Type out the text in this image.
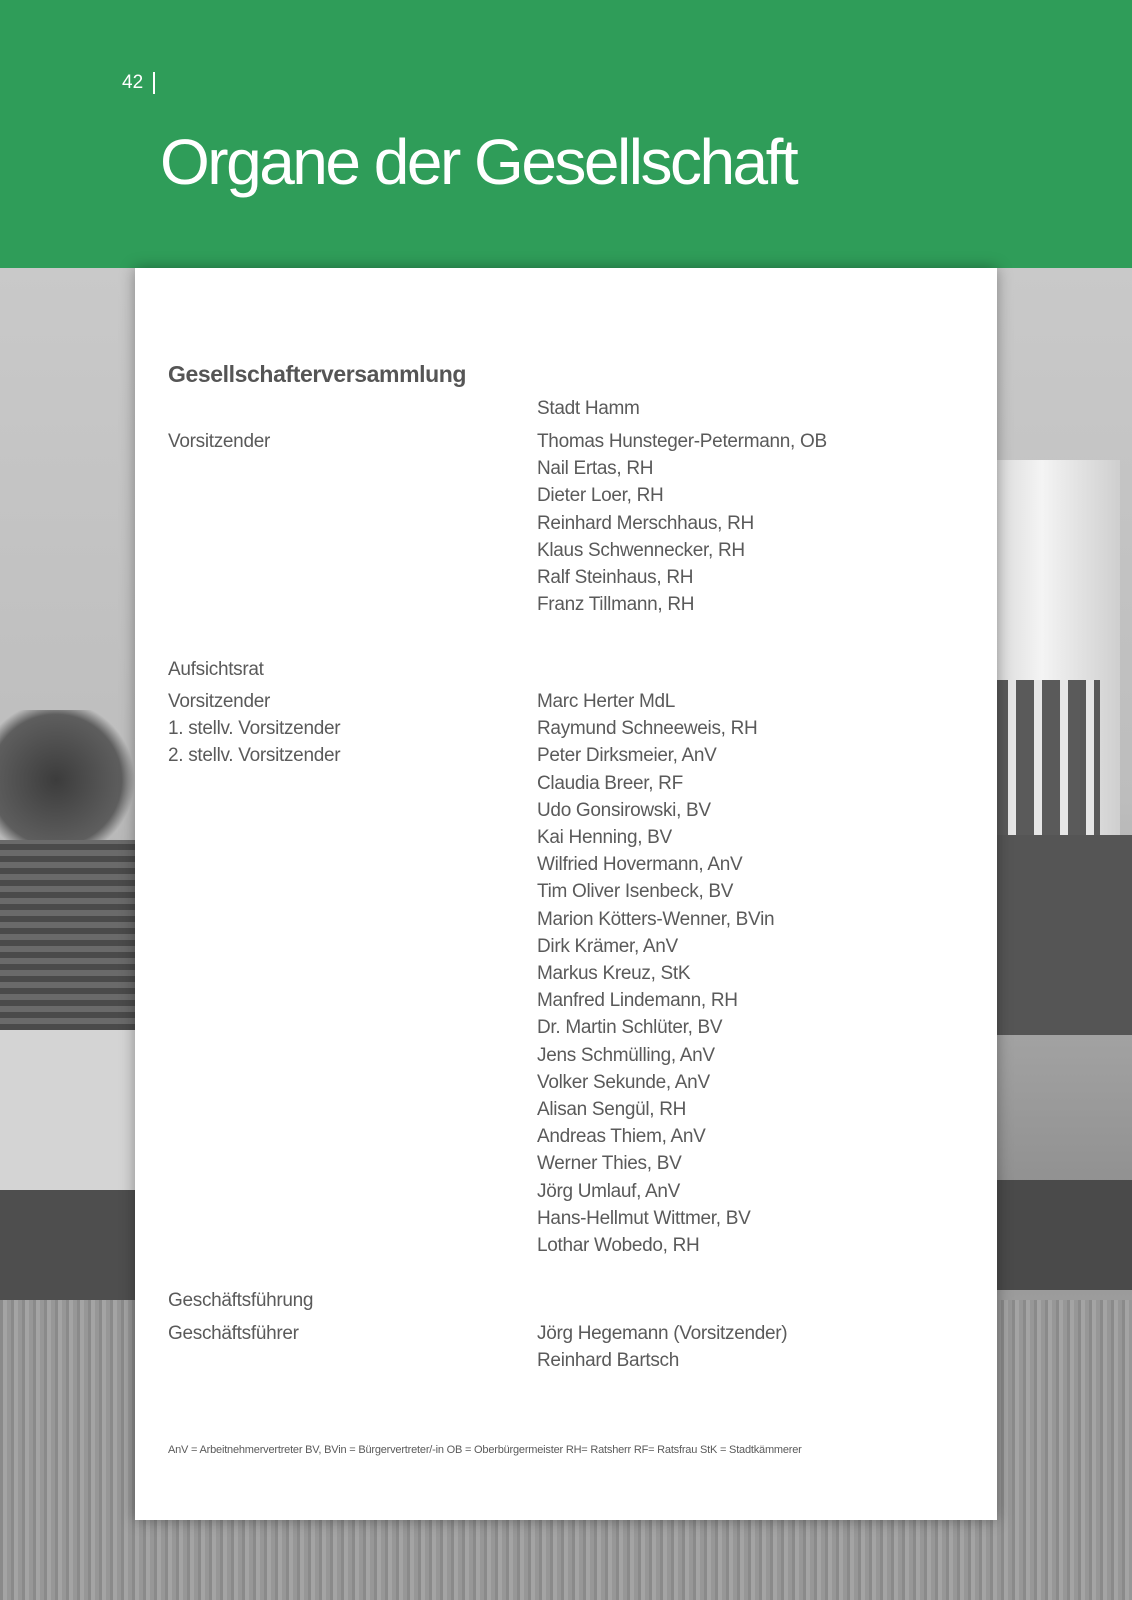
42
Organe der Gesellschaft
Gesellschafterversammlung
Stadt Hamm
Vorsitzender	Thomas Hunsteger-Petermann, OB
Nail Ertas, RH
Dieter Loer, RH
Reinhard Merschhaus, RH
Klaus Schwennecker, RH
Ralf Steinhaus, RH
Franz Tillmann, RH
Aufsichtsrat
Vorsitzender
1. stellv. Vorsitzender
2. stellv. Vorsitzender
Marc Herter MdL
Raymund Schneeweis, RH
Peter Dirksmeier, AnV
Claudia Breer, RF
Udo Gonsirowski, BV
Kai Henning, BV
Wilfried Hovermann, AnV
Tim Oliver Isenbeck, BV
Marion Kötters-Wenner, BVin
Dirk Krämer, AnV
Markus Kreuz, StK
Manfred Lindemann, RH
Dr. Martin Schlüter, BV
Jens Schmülling, AnV
Volker Sekunde, AnV
Alisan Sengül, RH
Andreas Thiem, AnV
Werner Thies, BV
Jörg Umlauf, AnV
Hans-Hellmut Wittmer, BV
Lothar Wobedo, RH
Geschäftsführung
Geschäftsführer	Jörg Hegemann (Vorsitzender)
Reinhard Bartsch

AnV = Arbeitnehmervertreter BV, BVin = Bürgervertreter/-in OB = Oberbürgermeister RH= Ratsherr RF= Ratsfrau StK = Stadtkämmerer
